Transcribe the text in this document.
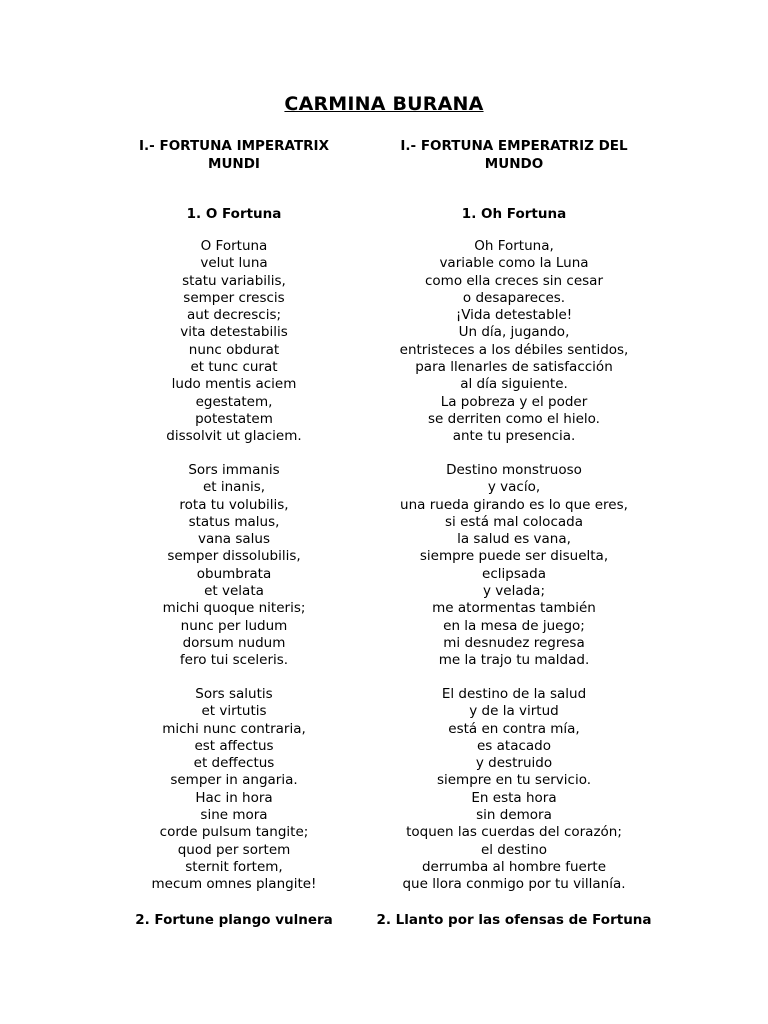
CARMINA BURANA
I.- FORTUNA IMPERATRIX
MUNDI
1. O Fortuna
O Fortuna
velut luna
statu variabilis,
semper crescis
aut decrescis;
vita detestabilis
nunc obdurat
et tunc curat
ludo mentis aciem
egestatem,
potestatem
dissolvit ut glaciem.
Sors immanis
et inanis,
rota tu volubilis,
status malus,
vana salus
semper dissolubilis,
obumbrata
et velata
michi quoque niteris;
nunc per ludum
dorsum nudum
fero tui sceleris.
Sors salutis
et virtutis
michi nunc contraria,
est affectus
et deffectus
semper in angaria.
Hac in hora
sine mora
corde pulsum tangite;
quod per sortem
sternit fortem,
mecum omnes plangite!
2. Fortune plango vulnera
I.- FORTUNA EMPERATRIZ DEL
MUNDO
1. Oh Fortuna
Oh Fortuna,
variable como la Luna
como ella creces sin cesar
o desapareces.
¡Vida detestable!
Un día, jugando,
entristeces a los débiles sentidos,
para llenarles de satisfacción
al día siguiente.
La pobreza y el poder
se derriten como el hielo.
ante tu presencia.
Destino monstruoso
y vacío,
una rueda girando es lo que eres,
si está mal colocada
la salud es vana,
siempre puede ser disuelta,
eclipsada
y velada;
me atormentas también
en la mesa de juego;
mi desnudez regresa
me la trajo tu maldad.
El destino de la salud
y de la virtud
está en contra mía,
es atacado
y destruido
siempre en tu servicio.
En esta hora
sin demora
toquen las cuerdas del corazón;
el destino
derrumba al hombre fuerte
que llora conmigo por tu villanía.
2. Llanto por las ofensas de Fortuna
